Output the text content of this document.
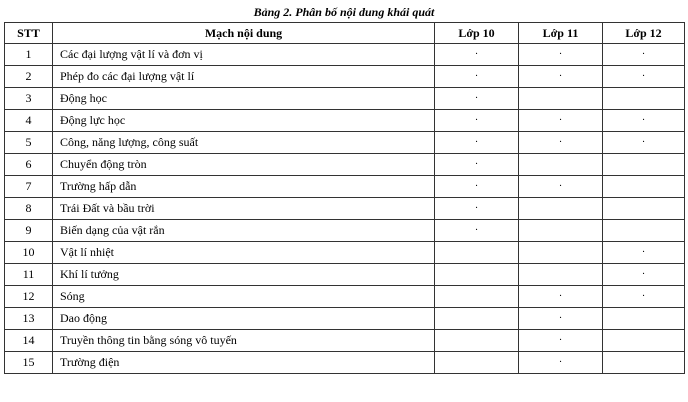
Bảng 2. Phân bố nội dung khái quát
STT	Mạch nội dung	Lớp 10	Lớp 11	Lớp 12
1	Các đại lượng vật lí và đơn vị	·	·	·
2	Phép đo các đại lượng vật lí	·	·	·
3	Động học	·		
4	Động lực học	·	·	·
5	Công, năng lượng, công suất	·	·	·
6	Chuyển động tròn	·		
7	Trường hấp dẫn	·	·	
8	Trái Đất và bầu trời	·		
9	Biến dạng của vật rắn	·		
10	Vật lí nhiệt			·
11	Khí lí tưởng			·
12	Sóng		·	·
13	Dao động		·	
14	Truyền thông tin bằng sóng vô tuyến		·	
15	Trường điện		·	
